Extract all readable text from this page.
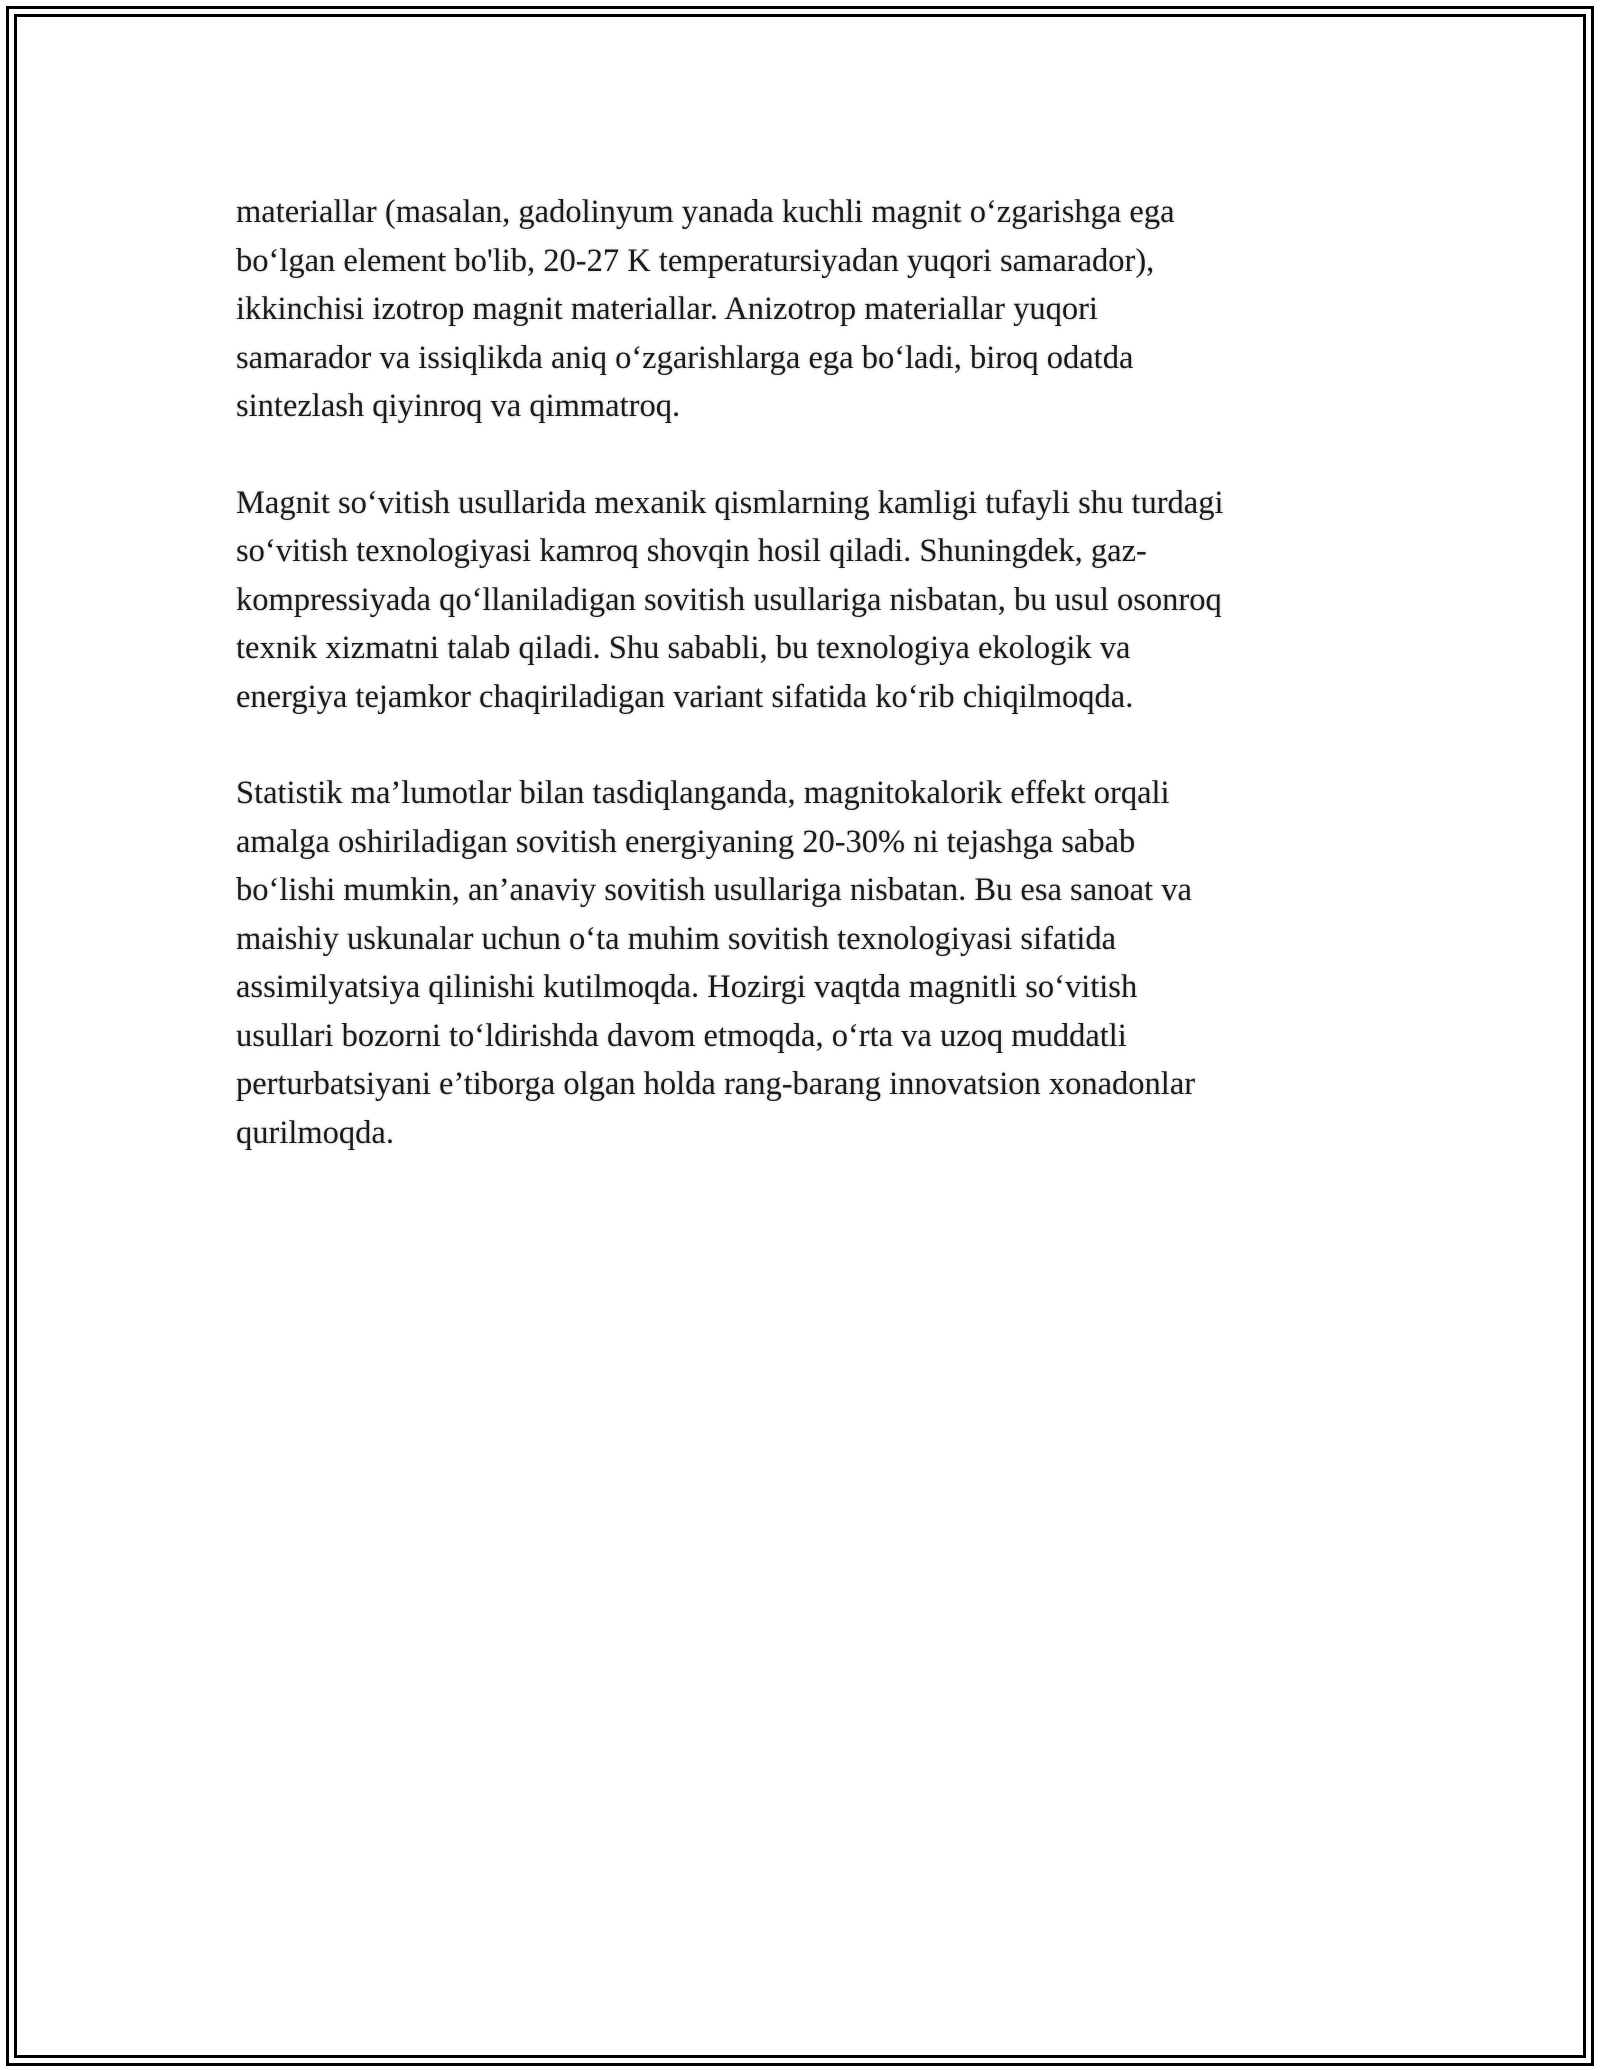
materiallar (masalan, gadolinyum yanada kuchli magnit o‘zgarishga ega
bo‘lgan element bo'lib, 20-27 K temperatursiyadan yuqori samarador),
ikkinchisi izotrop magnit materiallar. Anizotrop materiallar yuqori
samarador va issiqlikda aniq o‘zgarishlarga ega bo‘ladi, biroq odatda
sintezlash qiyinroq va qimmatroq.

Magnit so‘vitish usullarida mexanik qismlarning kamligi tufayli shu turdagi
so‘vitish texnologiyasi kamroq shovqin hosil qiladi. Shuningdek, gaz-
kompressiyada qo‘llaniladigan sovitish usullariga nisbatan, bu usul osonroq
texnik xizmatni talab qiladi. Shu sababli, bu texnologiya ekologik va
energiya tejamkor chaqiriladigan variant sifatida ko‘rib chiqilmoqda.

Statistik ma’lumotlar bilan tasdiqlanganda, magnitokalorik effekt orqali
amalga oshiriladigan sovitish energiyaning 20-30% ni tejashga sabab
bo‘lishi mumkin, an’anaviy sovitish usullariga nisbatan. Bu esa sanoat va
maishiy uskunalar uchun o‘ta muhim sovitish texnologiyasi sifatida
assimilyatsiya qilinishi kutilmoqda. Hozirgi vaqtda magnitli so‘vitish
usullari bozorni to‘ldirishda davom etmoqda, o‘rta va uzoq muddatli
perturbatsiyani e’tiborga olgan holda rang-barang innovatsion xonadonlar
qurilmoqda.
